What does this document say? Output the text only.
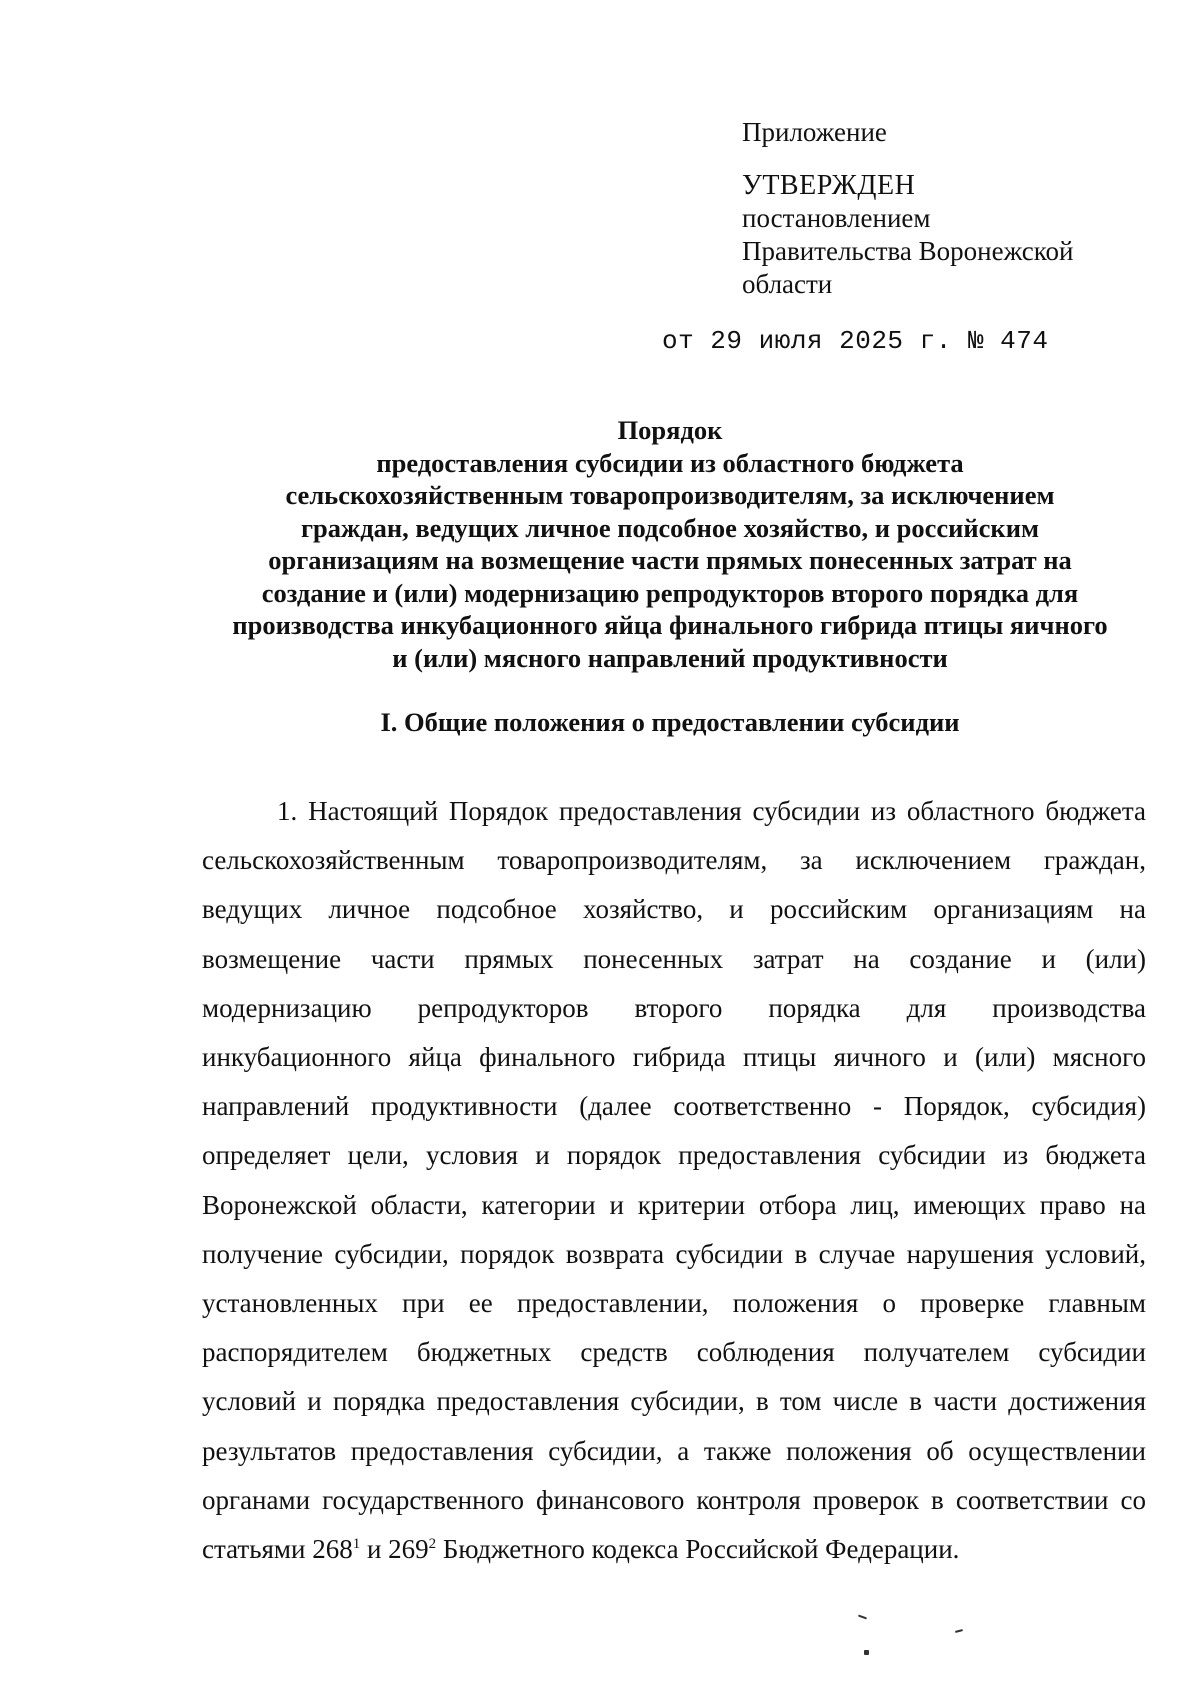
Приложение
УТВЕРЖДЕН
постановлением
Правительства Воронежской
области
от 29 июля 2025 г. № 474
Порядок
предоставления субсидии из областного бюджета
сельскохозяйственным товаропроизводителям, за исключением
граждан, ведущих личное подсобное хозяйство, и российским
организациям на возмещение части прямых понесенных затрат на
создание и (или) модернизацию репродукторов второго порядка для
производства инкубационного яйца финального гибрида птицы яичного
и (или) мясного направлений продуктивности
I. Общие положения о предоставлении субсидии
1. Настоящий Порядок предоставления субсидии из областного бюджета
сельскохозяйственным товаропроизводителям, за исключением граждан,
ведущих личное подсобное хозяйство, и российским организациям на
возмещение части прямых понесенных затрат на создание и (или)
модернизацию репродукторов второго порядка для производства
инкубационного яйца финального гибрида птицы яичного и (или) мясного
направлений продуктивности (далее соответственно - Порядок, субсидия)
определяет цели, условия и порядок предоставления субсидии из бюджета
Воронежской области, категории и критерии отбора лиц, имеющих право на
получение субсидии, порядок возврата субсидии в случае нарушения условий,
установленных при ее предоставлении, положения о проверке главным
распорядителем бюджетных средств соблюдения получателем субсидии
условий и порядка предоставления субсидии, в том числе в части достижения
результатов предоставления субсидии, а также положения об осуществлении
органами государственного финансового контроля проверок в соответствии со
статьями $268^1$ и $269^2$ Бюджетного кодекса Российской Федерации.
